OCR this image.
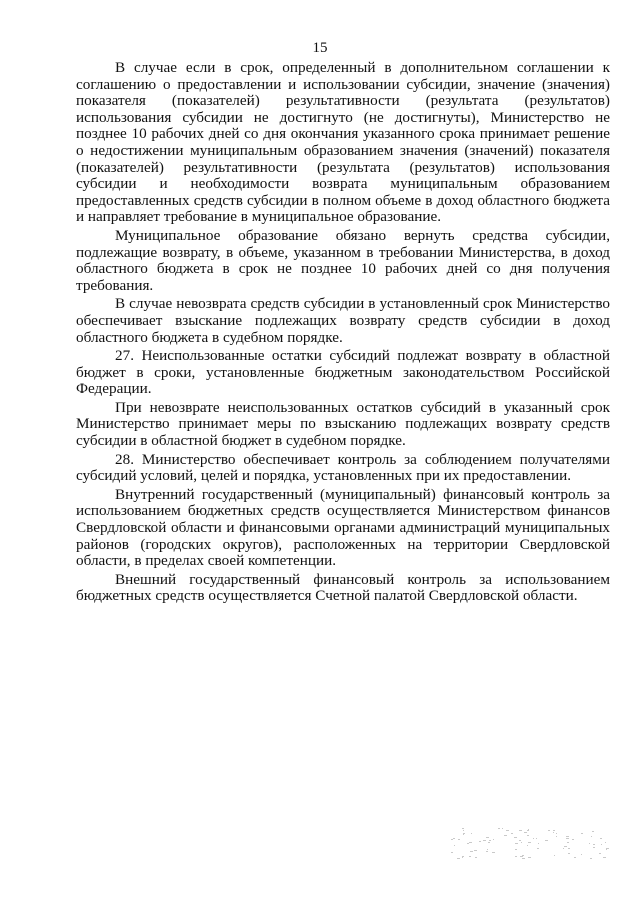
15

В случае если в срок, определенный в дополнительном соглашении к соглашению о предоставлении и использовании субсидии, значение (значения) показателя (показателей) результативности (результата (результатов) использования субсидии не достигнуто (не достигнуты), Министерство не позднее 10 рабочих дней со дня окончания указанного срока принимает решение о недостижении муниципальным образованием значения (значений) показателя (показателей) результативности (результата (результатов) использования субсидии и необходимости возврата муниципальным образованием предоставленных средств субсидии в полном объеме в доход областного бюджета и направляет требование в муниципальное образование.

Муниципальное образование обязано вернуть средства субсидии, подлежащие возврату, в объеме, указанном в требовании Министерства, в доход областного бюджета в срок не позднее 10 рабочих дней со дня получения требования.

В случае невозврата средств субсидии в установленный срок Министерство обеспечивает взыскание подлежащих возврату средств субсидии в доход областного бюджета в судебном порядке.

27. Неиспользованные остатки субсидий подлежат возврату в областной бюджет в сроки, установленные бюджетным законодательством Российской Федерации.

При невозврате неиспользованных остатков субсидий в указанный срок Министерство принимает меры по взысканию подлежащих возврату средств субсидии в областной бюджет в судебном порядке.

28. Министерство обеспечивает контроль за соблюдением получателями субсидий условий, целей и порядка, установленных при их предоставлении.

Внутренний государственный (муниципальный) финансовый контроль за использованием бюджетных средств осуществляется Министерством финансов Свердловской области и финансовыми органами администраций муниципальных районов (городских округов), расположенных на территории Свердловской области, в пределах своей компетенции.

Внешний государственный финансовый контроль за использованием бюджетных средств осуществляется Счетной палатой Свердловской области.
